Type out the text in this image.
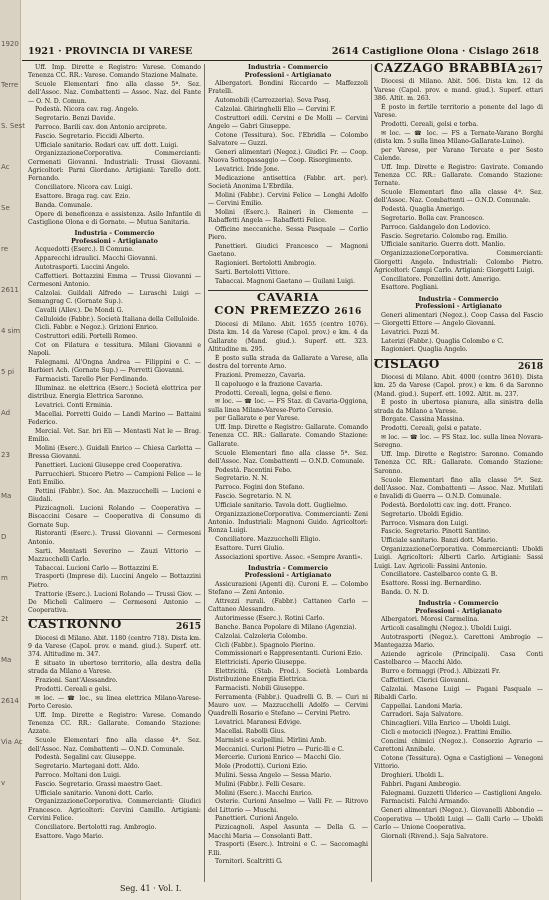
1920
Terre
S. Sest
Ac
Se
re
2611
4 sim
5 pi
Ad
23
Ma
D
m
2t
Ma
2614
Via Ac
v
1921 · PROVINCIA DI VARESE	2614 Castiglione Olona · Cislago 2618
Uff. Imp. Dirette e Registro: Varese. Comando Tenenza CC. RR.: Varese. Comando Stazione Malnate.
Scuole Elementari fino alla classe 5ª. Sez. dell'Assoc. Naz. Combattenti — Assoc. Naz. del Fante — O. N. D. Comun.
Podestà. Nicora cav. rag. Angelo.
Segretario. Benzi Davide.
Parroco. Barili cav. don Antonio arciprete.
Fascio. Segretario. Ficcidi Alberto.
Ufficiale sanitario. Rodari cav. uff. dott. Luigi.
OrganizzazioneCorporativa. Commercianti: Cermenati Giovanni. Industriali: Trussi Giovanni. Agricoltori: Parni Giordano. Artigiani: Tarello dott. Fernando.
Conciliatore. Nicora cav. Luigi.
Esattore. Braga rag. cav. Ezio.
Banda. Comunale.
Opere di beneficenza e assistenza. Asilo Infantile di Castiglione Olona e di Gornate. — Mutua Sanitaria.
Industria - Commercio
Professioni - Artigianato
Acquedotti (Eserc.). Il Comune.
Apparecchi idraulici. Macchi Giovanni.
Autotrasporti. Luccini Angelo.
Caffettieri. Bottazzini Emma — Trussi Giovanni — Cermesoni Antonio.
Calzolai. Guildali Alfredo — Luraschi Luigi — Semangrag C. (Gornate Sup.).
Cavalli (Allev.). De Mondi G.
Celluloide (Fabbr.). Società Italiana della Celluloide.
Cicli. Fabbr. e Negoz.). Grizioni Enrico.
Costruttori edili. Portelli Romeo.
Cot on Filatura e tessitura. Milani Giovanni e Napoli.
Falegnami. Al'Ongna Andrea — Filippini e C. — Barbieri Ach. (Gornate Sup.) — Porretti Giovanni.
Farmacisti. Tarello Pier Ferdinando.
Illuminaz. ne elettrica (Eserc.) Società elettrica per distribuz. Energia Elettrica Saronno.
Levatrici. Conti Erminia.
Macellai. Porretti Guido — Landi Marino — Battaini Federico.
Mercial. Vet. Sar. bri Eli — Mentasti Nat le — Brag. Emilio.
Molini (Eserc.). Guidali Enrico — Chiesa Carletta — Bressa Giovanni.
Panettieri. Lucioni Giuseppe cred Cooperativa.
Parrucchieri. Stucero Pietro — Campioni Felice — le Enti Emilio.
Pettini (Fabbr.). Soc. An. Mazzucchelli — Lucioni e Giudali.
Pizzicagnoli. Lucioni Rolando — Cooperativa — Biscaccini Cesare — Cooperativa di Consumo di Gornate Sup.
Ristoranti (Eserc.). Trussi Giovanni — Cermesoni Antonio.
Sarti. Mentasti Severino — Zauzi Vittorio — Mazzucchelli Carlo.
Tabaccai. Lucioni Carlo — Bottazzini E.
Trasporti (Imprese di). Luccini Angelo — Bottazzini Pietro.
Trattorie (Eserc.). Lucioni Rolando — Trussi Giov. — De Micheli Calimero — Cermesoni Antonio — Cooperativa.
CASTRONNO	2615
Diocesi di Milano. Abit. 1180 (centro 718). Dista km. 9 da Varese (Capol. prov. e mand. giud.). Superf. ett. 374. Altitudine m. 347.
È situato in ubertoso territorio, alla destra della strada da Milano a Varese.
Frazioni. Sant'Alessandro.
Prodotti. Cereali e gelsi.
✉ loc. — ☎ loc., su linea elettrica Milano-Varese-Porto Ceresio.
Uff. Imp. Dirette e Registro: Varese. Comando Tenenza CC. RR.: Gallarate. Comando Stazione: Azzate.
Scuole Elementari fino alla classe 4ª. Sez. dell'Assoc. Naz. Combattenti — O.N.D. Comunale.
Podestà. Segalini cav. Giuseppe.
Segretario. Martegani dott. Aldo.
Parroco. Moltani don Luigi.
Fascio. Segretario. Grassi maestro Gaet.
Ufficiale sanitario. Vanoni dott. Carlo.
OrganizzazioneCorporativa. Commercianti: Giudici Francesco. Agricoltori: Cervini Camillo. Artigiani: Cervini Felice.
Conciliatore. Bertolotti rag. Ambrogio.
Esattore. Vago Mario.
Industria - Commercio
Professioni - Artigianato
Albergatori. Bondini Riccardo — Maffezzoli Fratelli.
Automobili (Carrozzeria). Seva Pasq.
Calzolai. Ghiringhelli Elio — Cervini F.
Costruttori edili. Cervini e De Molli — Cervini Angelo — Gabri Giuseppe.
Cotone (Tessitura). Soc. l'Ebridla — Colombo Salvatore — Guzzi.
Generi alimentari (Negoz.). Giudici Fr. — Coop. Nuova Sottopassaggio — Coop. Risorgimento.
Levatrici. Iride Jone.
Medicazione antisettica (Fabbr. art. per). Società Anonima L'Ebrdila.
Molini (Fabbr.). Cervini Felice — Longhi Adolfo — Cervini Emilio.
Molini (Eserc.). Raineri in Clemente — Rabaffetti Angela — Rabaffetti Felice.
Officine meccaniche. Sessa Pasquale — Corlio Piero.
Panettieri. Giudici Francesco — Magnoni Gaetano.
Ragionieri. Bertolotti Ambrogio.
Sarti. Bertolotti Vittore.
Tabaccai. Magnoni Gaetano — Guilani Luigi.
CAVARIA
CON PREMEZZO 2616
Diocesi di Milano. Abit. 1655 (centro 1076). Dista km. 14 da Varese (Capol. prov.) e km. 4 da Gallarate (Mand. giud.). Superf. ett. 323. Altitudine m. 295.
È posto sulla strada da Gallarate a Varese, alla destra del torrente Arno.
Frazioni. Premezzo, Cavaria.
Il capoluogo e la frazione Cavaria.
Prodotti. Cereali, legna, gelsi e fieno.
✉ loc. — ☎ loc. — FS Staz. di Cavaria-Oggiona, sulla linea Milano-Varese-Porto Ceresio.
per Gallarate e per Varese.
Uff. Imp. Dirette e Registro: Gallarate. Comando Tenenza CC. RR.: Gallarate. Comando Stazione: Gallarate.
Scuole Elementari fino alla classe 5ª. Sez. dell'Assoc. Naz. Combattenti — O.N.D. Comunale.
Podestà. Pacentini Febo.
Segretario. N. N.
Parroco. Fogini don Stefano.
Fascio. Segretario. N. N.
Ufficiale sanitario. Tavola dott. Guglielmo.
OrganizzazioneCorporativa. Commercianti: Zeni Antonio. Industriali: Magnoni Guido. Agricoltori: Ronza Luigi.
Conciliatore. Mazzucchelli Eligio.
Esattore. Turri Giulio.
Associazioni sportive. Assoc. «Sempre Avanti».
Industria - Commercio
Professioni - Artigianato
Assicurazioni (Agenti di). Curoni E. — Colombo Stefano — Zeni Antonio.
Attrezzi rurali. (Fabbr.) Cattaneo Carlo — Cattaneo Alessandro.
Autorimesse (Eserc.). Rotini Carlo.
Banche. Banca Popolare di Milano (Agenzia).
Calzolai. Calzoleria Colombo.
Cicli (Fabbr.). Spagnolo Pierino.
Commissionari e Rappresentanti. Curioni Ezio.
Elettricisti. Aperio Giuseppe.
Elettricità. (Stab. Prod.). Società Lombarda Distribuzione Energia Elettrica.
Farmacisti. Nobili Giuseppe.
Ferramenta (Fabbr.). Quadrelli G. B. — Curi ni Mauro uov. — Mazzucchelli Adolfo — Cervini Quadrelli Rosario e Stefano — Cervini Pietro.
Levatrici. Maranesi Edvige.
Macellai. Rabolli Gius.
Marmisti e scalpellini. Mirlini Amb.
Meccanici. Curioni Pietro — Puric-lli e C.
Mercerie. Curioni Enrico — Macchi Gio.
Mole (Prodotti). Curioni Ezio.
Mulini. Sessa Angelo — Sessa Mario.
Mulini (Fabbr.). Felli Cesare.
Molini (Eserc.). Macchi Enrico.
Osterie. Curioni Anselmo — Valli Fr. — Ritrovo del Littorio — Muschi.
Panettieri. Curioni Angelo.
Pizzicagnoli. Aspel Assunta — Della G. — Macchi Maria — Consolanti Batt.
Trasporti (Eserc.). Introini e C. — Saccomaghi F.lli.
Tornitori. Scaltritti G.
CAZZAGO BRABBIA 2617
Diocesi di Milano. Abit. 506. Dista km. 12 da Varese (Capol. prov. e mand. giud.). Superf. ettari 386. Altit. m. 263.
È posto in fertile territorio a ponente del lago di Varese.
Prodotti. Cereali, gelsi e torba.
✉ loc. — ☎ loc. — FS a Ternate-Varano Borghi (dista km. 5 sulla linea Milano-Gallarate-Luino).
per Varese, per Varano Tercate e per Sesto Calende.
Uff. Imp. Dirette e Registro: Gavirate. Comando Tenenza CC. RR.: Gallarate. Comando Stazione: Ternate.
Scuole Elementari fino alla classe 4ª. Sez. dell'Assoc. Naz. Combattenti — O.N.D. Comunale.
Podestà. Quaglia Amerigo.
Segretario. Bolla cav. Francesco.
Parroco. Galdangelo don Lodovico.
Fascio. Segretario. Colombo rag. Emilio.
Ufficiale sanitario. Guerra dott. Manlio.
OrganizzazioneCorporativa. Commercianti: Giorgetti Angelo. Industriali: Colombo Pietro. Agricoltori: Campi Carlo. Artigiani: Giorgetti Luigi.
Conciliatore. Ponzellini dott. Amerigo.
Esattore. Pogliani.
Industria - Commercio
Professioni - Artigianato
Generi alimentari (Negoz.). Coop Cassa del Fascio — Giorgetti Ettore — Angelo Giovanni.
Levatrici. Pozzi M.
Laterizi (Fabbr.). Quaglia Colombo e C.
Ragionieri. Quaglia Angelo.
CISLAGO	2618
Diocesi di Milano. Abit. 4000 (centro 3610). Dista km. 25 da Varese (Capol. prov.) e km. 6 da Saronno (Mand. giud.). Superf. ett. 1092. Altit. m. 237.
È posto in ubertosa pianura, alla sinistra della strada da Milano a Varese.
Borgate. Cassina Massina.
Prodotti. Cereali, gelsi e patate.
✉ loc. — ☎ loc. — FS Staz. loc. sulla linea Novara-Seregno.
Uff. Imp. Dirette e Registro: Saronno. Comando Tenenza CC. RR.: Gallarate. Comando Stazione: Saronno.
Scuole Elementari fino alla classe 5ª. Sez. dell'Assoc. Naz. Combattenti — Assoc. Naz. Mutilati e Invalidi di Guerra — O.N.D. Comunale.
Podestà. Bordolotti cav. ing. dott. Franco.
Segretario. Uboldi Egidio.
Parroco. Vismara don Luigi.
Fascio. Segretario. Pinotti Santino.
Ufficiale sanitario. Banzi dott. Mario.
OrganizzazioneCorporativa. Commercianti: Uboldi Luigi. Agricoltori: Alberti Carlo. Artigiani: Sassi Luigi. Lav. Agricoli: Fassini Antonio.
Conciliatore. Castelbarco conte G. B.
Esattore. Rossi ing. Bernardino.
Banda. O. N. D.
Industria - Commercio
Professioni - Artigianato
Albergatori. Morosi Carmelina.
Articoli casalinghi (Negoz.). Uboldi Luigi.
Autotrasporti (Negoz.). Carettoni Ambrogio — Mantegazza Mario.
Aziende agricole (Principali). Casa Conti Castelbarco — Macchi Aldo.
Burro e formaggi (Prod.). Albizzati Fr.
Caffettieri. Clerici Giovanni.
Calzolai. Masone Luigi — Pagani Pasquale — Ribaldi Carlo.
Cappellai. Landoni Maria.
Carradori. Saja Salvatore.
Chincaglieri. Villa Enrico — Uboldi Luigi.
Cicli e motocicli (Negoz.). Frattini Emilio.
Concimi chimici (Negoz.). Consorzio Agrario — Carettoni Annibale.
Cotone (Tessitura). Ogna e Castiglioni — Venegoni Vittorio.
Droghieri. Uboldi L.
Fabbri. Pagani Ambrogio.
Falegnami. Guzzetti Ulderico — Castiglioni Angelo.
Farmacisti. Falchi Armando.
Generi alimentari (Negoz.). Giovanelli Abbondio — Cooperativa — Uboldi Luigi — Galli Carlo — Uboldi Carlo — Unione Cooperativa.
Giornali (Rivend.). Saja Salvatore.
Seg. 41 · Vol. I.
